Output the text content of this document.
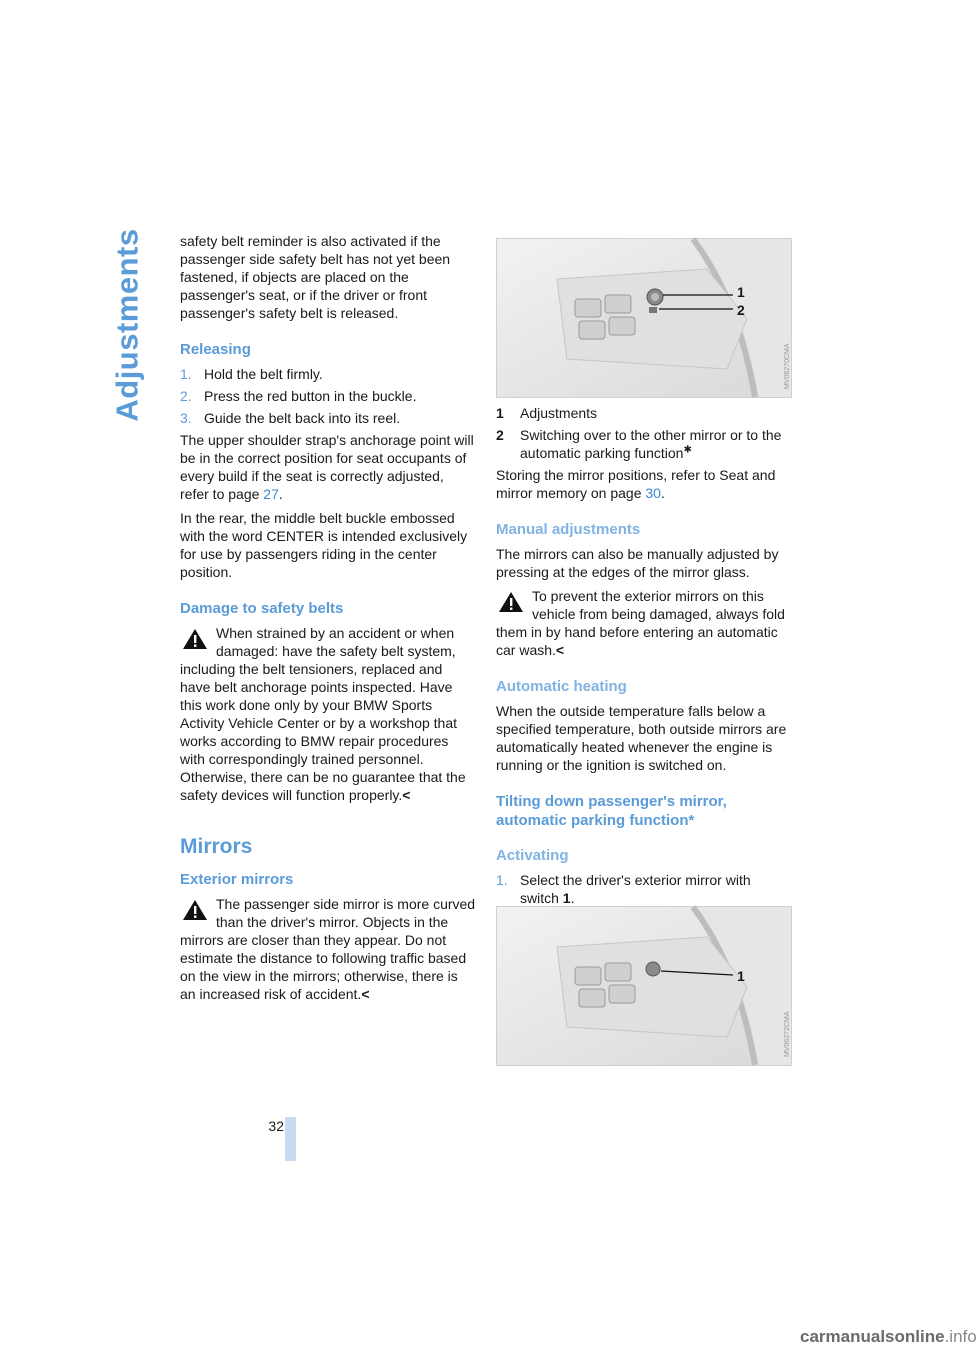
Adjustments
32

safety belt reminder is also activated if the passenger side safety belt has not yet been fastened, if objects are placed on the passenger's seat, or if the driver or front passenger's safety belt is released.

Releasing
1. Hold the belt firmly.
2. Press the red button in the buckle.
3. Guide the belt back into its reel.

The upper shoulder strap's anchorage point will be in the correct position for seat occupants of every build if the seat is correctly adjusted, refer to page 27.

In the rear, the middle belt buckle embossed with the word CENTER is intended exclusively for use by passengers riding in the center position.

Damage to safety belts

When strained by an accident or when damaged: have the safety belt system, including the belt tensioners, replaced and have belt anchorage points inspected. Have this work done only by your BMW Sports Activity Vehicle Center or by a workshop that works according to BMW repair procedures with correspondingly trained personnel. Otherwise, there can be no guarantee that the safety devices will function properly.<

Mirrors
Exterior mirrors

The passenger side mirror is more curved than the driver's mirror. Objects in the mirrors are closer than they appear. Do not estimate the distance to following traffic based on the view in the mirrors; otherwise, there is an increased risk of accident.<

1
2
MV06270CMA
1 Adjustments
2 Switching over to the other mirror or to the automatic parking function✱

Storing the mirror positions, refer to Seat and mirror memory on page 30.

Manual adjustments

The mirrors can also be manually adjusted by pressing at the edges of the mirror glass.

To prevent the exterior mirrors on this vehicle from being damaged, always fold them in by hand before entering an automatic car wash.<

Automatic heating

When the outside temperature falls below a specified temperature, both outside mirrors are automatically heated whenever the engine is running or the ignition is switched on.

Tilting down passenger's mirror, automatic parking function*
Activating
1. Select the driver's exterior mirror with switch 1.
1
MV06272CMA
carmanualsonline.info
